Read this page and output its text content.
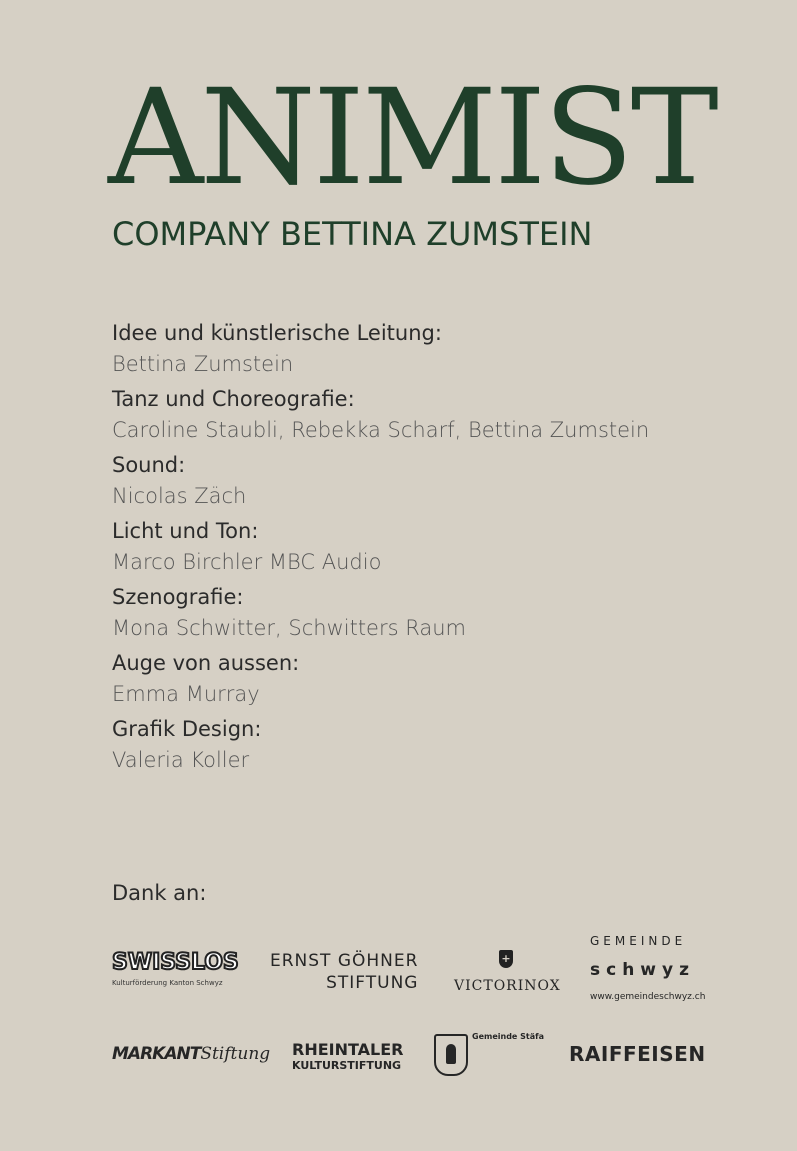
ANIMIST
COMPANY BETTINA ZUMSTEIN
Idee und künstlerische Leitung:
Bettina Zumstein
Tanz und Choreografie:
Caroline Staubli, Rebekka Scharf, Bettina Zumstein
Sound:
Nicolas Zäch
Licht und Ton:
Marco Birchler MBC Audio
Szenografie:
Mona Schwitter, Schwitters Raum
Auge von aussen:
Emma Murray
Grafik Design:
Valeria Koller
Dank an:
SWISSLOS
Kulturförderung Kanton Schwyz
ERNST GÖHNER
STIFTUNG
+
VICTORINOX
GEMEINDE
schwyz
www.gemeindeschwyz.ch
MARKANTStiftung RHEINTALER
KULTURSTIFTUNG
Gemeinde Stäfa
RAIFFEISEN
